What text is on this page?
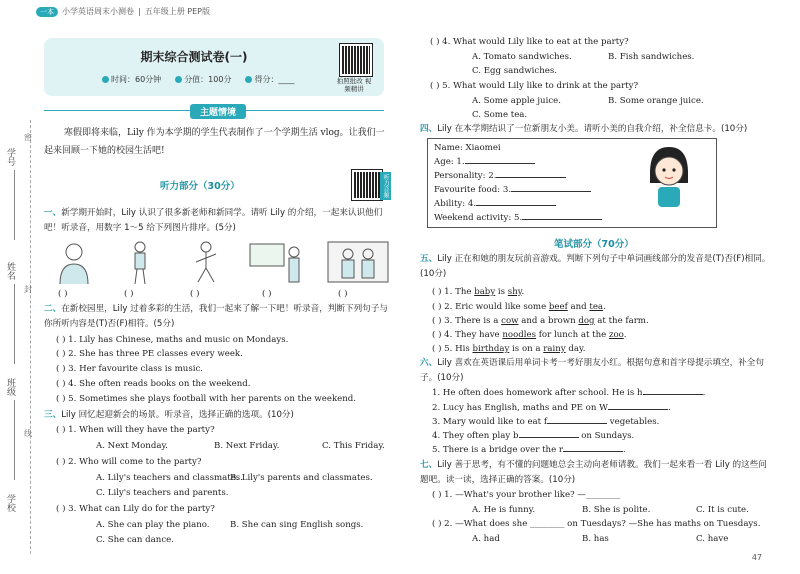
一本	小学英语周末小测卷 | 五年级上册 PEP版
学号
姓名
班级
学校
密
封
线
期末综合测试卷(一)
时间：60分钟	分值：100分	得分：____	拍照批改 视频精讲
主题情境
寒假即将来临，Lily 作为本学期的学生代表制作了一个学期生活 vlog。让我们一起来回顾一下她的校园生活吧!
听力部分（30分）	听力音频
一、新学期开始时，Lily 认识了很多新老师和新同学。请听 Lily 的介绍，一起来认识他们吧！听录音，用数字 1～5 给下列图片排序。(5分)
( )	( )	( )	( )	( )
二、在新校园里，Lily 过着多彩的生活，我们一起来了解一下吧！听录音，判断下列句子与你所听内容是(T)否(F)相符。(5分)
( ) 1. Lily has Chinese, maths and music on Mondays.
( ) 2. She has three PE classes every week.
( ) 3. Her favourite class is music.
( ) 4. She often reads books on the weekend.
( ) 5. Sometimes she plays football with her parents on the weekend.
三、Lily 回忆起迎新会的场景。听录音，选择正确的选项。(10分)
( ) 1. When will they have the party?
A. Next Monday.	B. Next Friday.	C. This Friday.
( ) 2. Who will come to the party?
A. Lily's teachers and classmates.
B. Lily's parents and classmates.
C. Lily's teachers and parents.
( ) 3. What can Lily do for the party?
A. She can play the piano. B. She can sing English songs.
C. She can dance.
( ) 4. What would Lily like to eat at the party?
A. Tomato sandwiches.	B. Fish sandwiches.
C. Egg sandwiches.
( ) 5. What would Lily like to drink at the party?
A. Some apple juice.	B. Some orange juice.
C. Some tea.
四、Lily 在本学期结识了一位新朋友小美。请听小美的自我介绍，补全信息卡。(10分)
Name: Xiaomei
Age: 1.
Personality: 2.
Favourite food: 3.
Ability: 4.
Weekend activity: 5.
笔试部分（70分）
五、Lily 正在和她的朋友玩前音游戏。判断下列句子中单词画线部分的发音是(T)否(F)相同。(10分)
( ) 1. The baby is shy.
( ) 2. Eric would like some beef and tea.
( ) 3. There is a cow and a brown dog at the farm.
( ) 4. They have noodles for lunch at the zoo.
( ) 5. His birthday is on a rainy day.
六、Lily 喜欢在英语课后用单词卡考一考好朋友小红。根据句意和首字母提示填空，补全句子。(10分)
1. He often does homework after school. He is h	.
2. Lucy has English, maths and PE on W	.
3. Mary would like to eat f	vegetables.
4. They often play b	on Sundays.
5. There is a bridge over the r	.
七、Lily 善于思考，有不懂的问题她总会主动向老师请教。我们一起来看一看 Lily 的这些问题吧。读一读，选择正确的答案。(10分)
( ) 1. —What's your brother like? —________
A. He is funny.	B. She is polite.	C. It is cute.
( ) 2. —What does she ________ on Tuesdays? —She has maths on Tuesdays.
A. had	B. has	C. have
47
